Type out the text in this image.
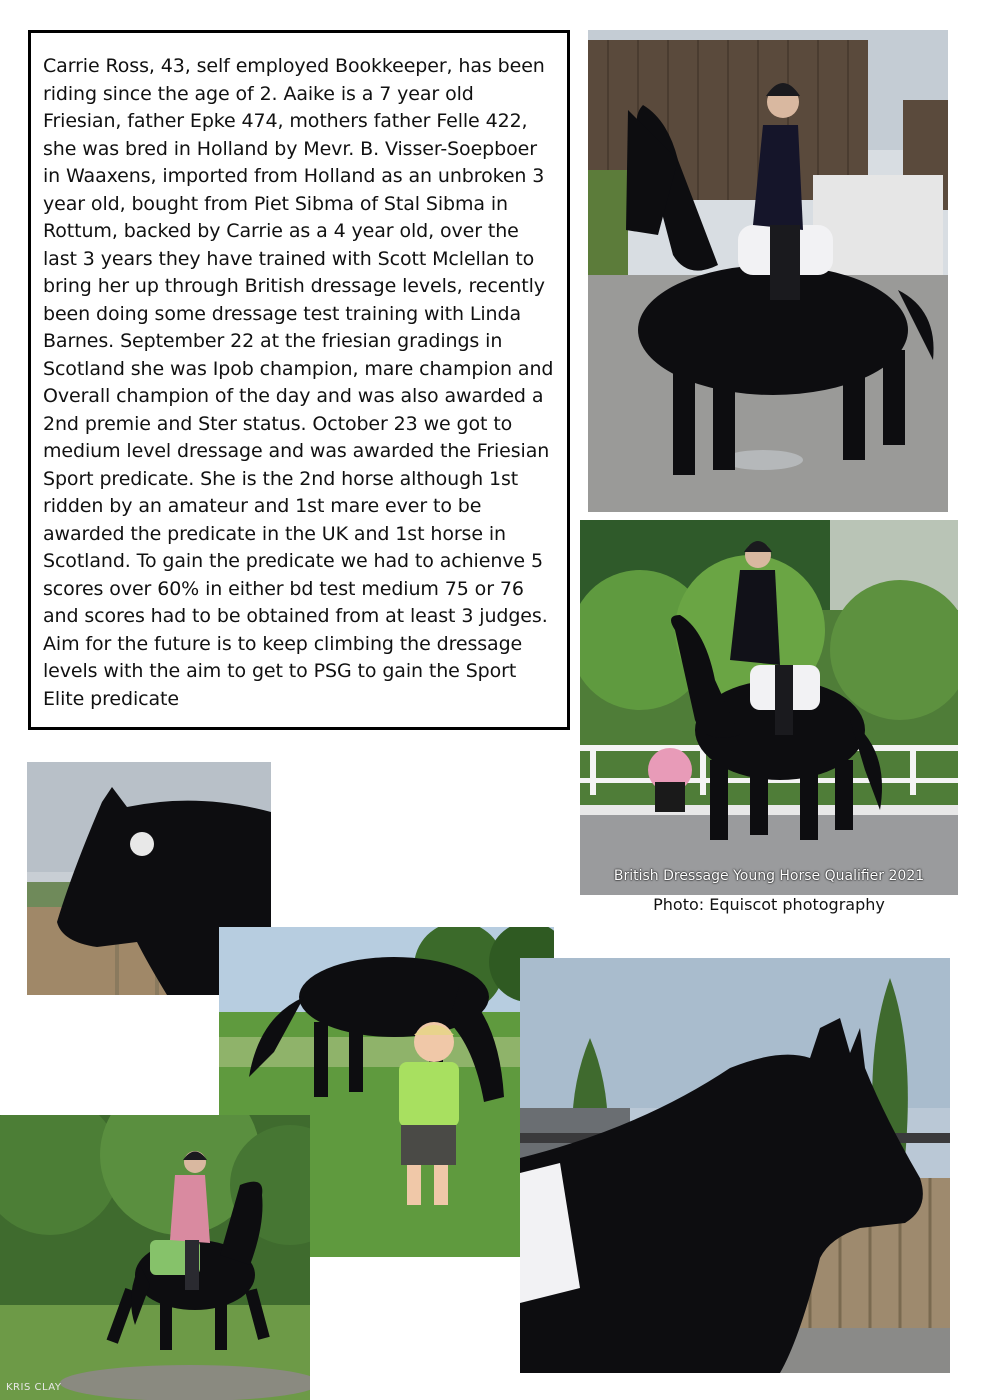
Carrie Ross, 43, self employed Bookkeeper, has been riding since the age of 2. Aaike is a 7 year old Friesian, father Epke 474, mothers father Felle 422, she was bred in Holland by Mevr. B. Visser-Soepboer in Waaxens, imported from Holland as an unbroken 3 year old, bought from Piet Sibma of Stal Sibma in Rottum, backed by Carrie as a 4 year old, over the last 3 years they have trained with Scott Mclellan to bring her up through British dressage levels, recently been doing some dressage test training with Linda Barnes. September 22 at the friesian gradings in Scotland she was Ipob champion, mare champion and Overall champion of the day and was also awarded a 2nd premie and Ster status. October 23 we got to medium level dressage and was awarded the Friesian Sport predicate. She is the 2nd horse although 1st ridden by an amateur and 1st mare ever to be awarded the predicate in the UK and 1st horse in Scotland. To gain the predicate we had to achienve 5 scores over 60% in either bd test medium 75 or 76 and scores had to be obtained from at least 3 judges. Aim for the future is to keep climbing the dressage levels with the aim to get to PSG to gain the Sport Elite predicate

British Dressage Young Horse Qualifier 2021
Photo: Equiscot photography
KRIS CLAY
